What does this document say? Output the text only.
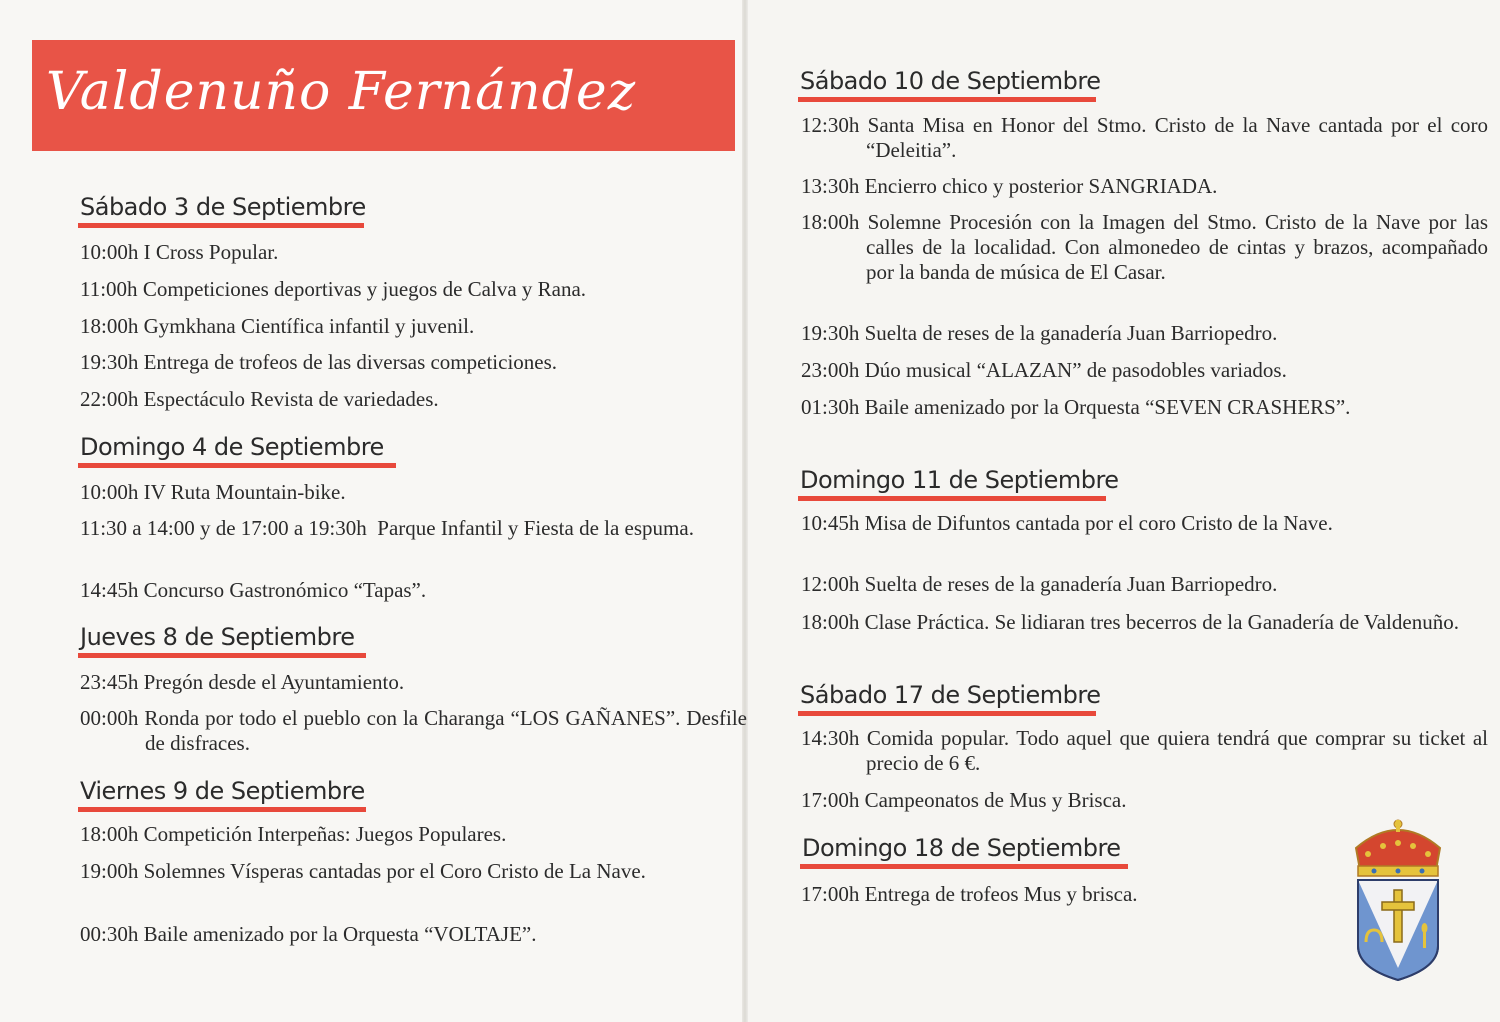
Valdenuño Fernández
Sábado 3 de Septiembre
10:00h I Cross Popular.
11:00h Competiciones deportivas y juegos de Calva y Rana.
18:00h Gymkhana Científica infantil y juvenil.
19:30h Entrega de trofeos de las diversas competiciones.
22:00h Espectáculo Revista de variedades.
Domingo 4 de Septiembre
10:00h IV Ruta Mountain-bike.
11:30 a 14:00 y de 17:00 a 19:30h Parque Infantil y Fiesta de la espuma.
14:45h Concurso Gastronómico “Tapas”.
Jueves 8 de Septiembre
23:45h Pregón desde el Ayuntamiento.
00:00h Ronda por todo el pueblo con la Charanga “LOS GAÑANES”. Desfile de disfraces.
Viernes 9 de Septiembre
18:00h Competición Interpeñas: Juegos Populares.
19:00h Solemnes Vísperas cantadas por el Coro Cristo de La Nave.
00:30h Baile amenizado por la Orquesta “VOLTAJE”.
Sábado 10 de Septiembre
12:30h Santa Misa en Honor del Stmo. Cristo de la Nave cantada por el coro “Deleitia”.
13:30h Encierro chico y posterior SANGRIADA.
18:00h Solemne Procesión con la Imagen del Stmo. Cristo de la Nave por las calles de la localidad. Con almonedeo de cintas y brazos, acompañado por la banda de música de El Casar.
19:30h Suelta de reses de la ganadería Juan Barriopedro.
23:00h Dúo musical “ALAZAN” de pasodobles variados.
01:30h Baile amenizado por la Orquesta “SEVEN CRASHERS”.
Domingo 11 de Septiembre
10:45h Misa de Difuntos cantada por el coro Cristo de la Nave.
12:00h Suelta de reses de la ganadería Juan Barriopedro.
18:00h Clase Práctica. Se lidiaran tres becerros de la Ganadería de Valdenuño.
Sábado 17 de Septiembre
14:30h Comida popular. Todo aquel que quiera tendrá que comprar su ticket al precio de 6 €.
17:00h Campeonatos de Mus y Brisca.
Domingo 18 de Septiembre
17:00h Entrega de trofeos Mus y brisca.
